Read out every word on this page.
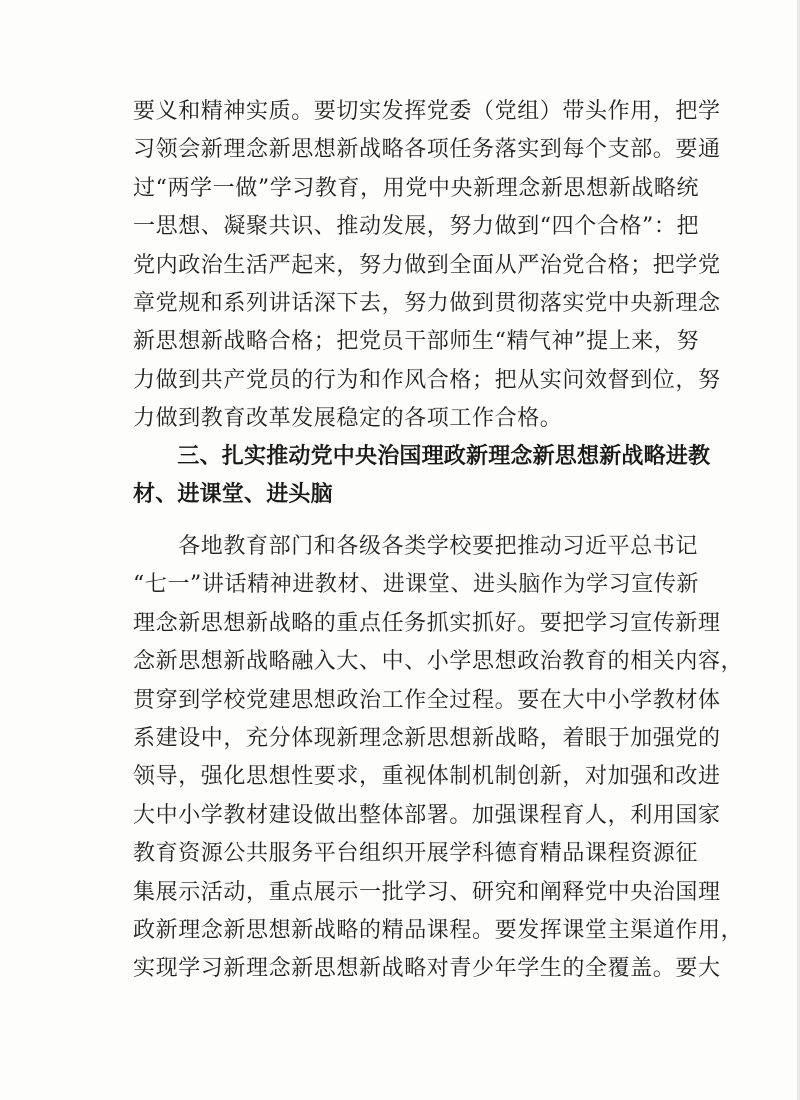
要义和精神实质。要切实发挥党委（党组）带头作用，把学
习领会新理念新思想新战略各项任务落实到每个支部。要通
过“两学一做”学习教育，用党中央新理念新思想新战略统
一思想、凝聚共识、推动发展，努力做到“四个合格”：把
党内政治生活严起来，努力做到全面从严治党合格；把学党
章党规和系列讲话深下去，努力做到贯彻落实党中央新理念
新思想新战略合格；把党员干部师生“精气神”提上来，努
力做到共产党员的行为和作风合格；把从实问效督到位，努
力做到教育改革发展稳定的各项工作合格。
　　三、扎实推动党中央治国理政新理念新思想新战略进教
材、进课堂、进头脑
　　各地教育部门和各级各类学校要把推动习近平总书记
“七一”讲话精神进教材、进课堂、进头脑作为学习宣传新
理念新思想新战略的重点任务抓实抓好。要把学习宣传新理
念新思想新战略融入大、中、小学思想政治教育的相关内容，
贯穿到学校党建思想政治工作全过程。要在大中小学教材体
系建设中，充分体现新理念新思想新战略，着眼于加强党的
领导，强化思想性要求，重视体制机制创新，对加强和改进
大中小学教材建设做出整体部署。加强课程育人，利用国家
教育资源公共服务平台组织开展学科德育精品课程资源征
集展示活动，重点展示一批学习、研究和阐释党中央治国理
政新理念新思想新战略的精品课程。要发挥课堂主渠道作用，
实现学习新理念新思想新战略对青少年学生的全覆盖。要大
